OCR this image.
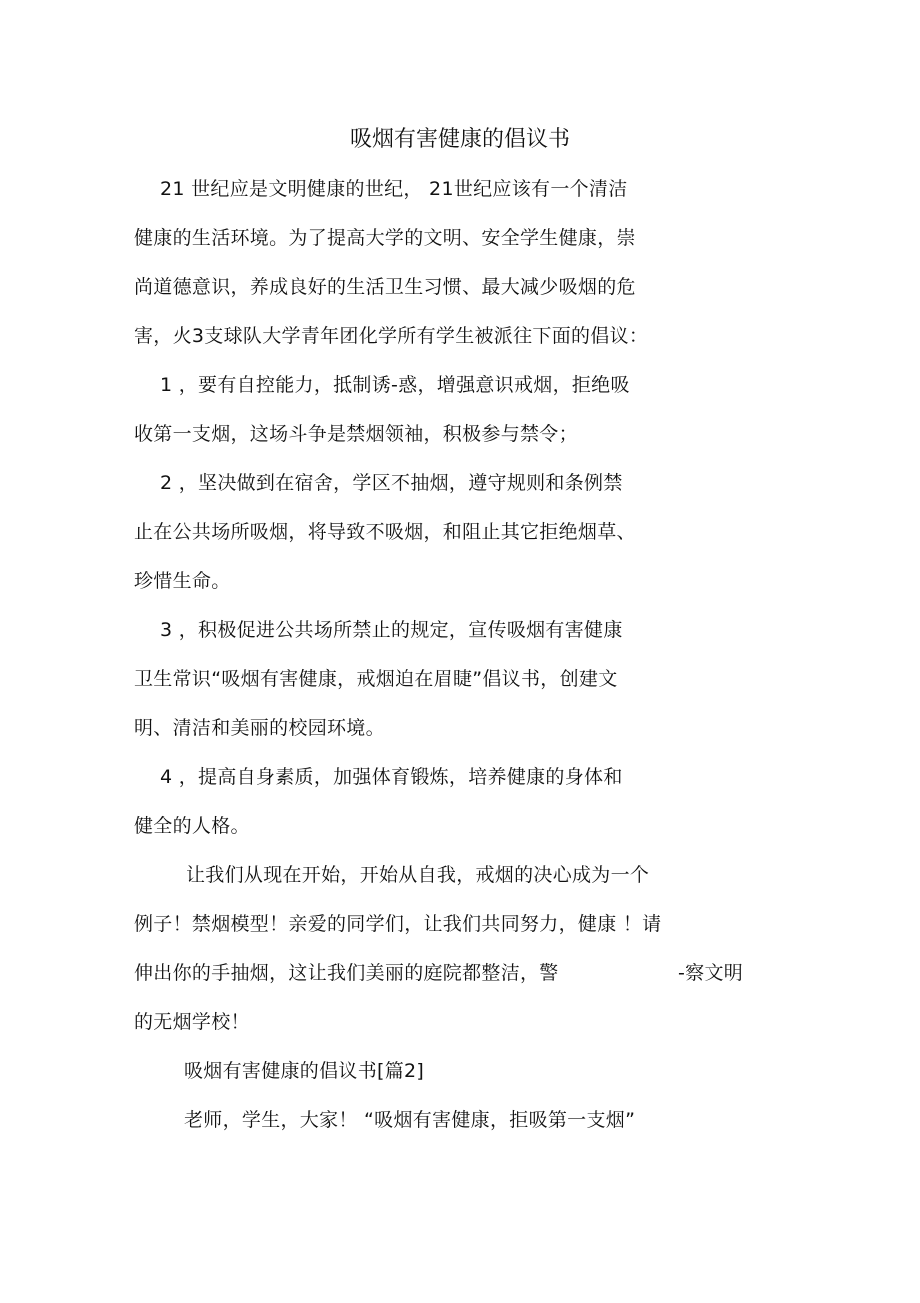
吸烟有害健康的倡议书
21 世纪应是文明健康的世纪， 21世纪应该有一个清洁
健康的生活环境。为了提高大学的文明、安全学生健康，崇
尚道德意识，养成良好的生活卫生习惯、最大减少吸烟的危
害，火3支球队大学青年团化学所有学生被派往下面的倡议：
1 ，要有自控能力，抵制诱-惑，增强意识戒烟，拒绝吸
收第一支烟，这场斗争是禁烟领袖，积极参与禁令；
2 ，坚决做到在宿舍，学区不抽烟，遵守规则和条例禁
止在公共场所吸烟，将导致不吸烟，和阻止其它拒绝烟草、
珍惜生命。
3 ，积极促进公共场所禁止的规定，宣传吸烟有害健康
卫生常识“吸烟有害健康，戒烟迫在眉睫”倡议书，创建文
明、清洁和美丽的校园环境。
4 ，提高自身素质，加强体育锻炼，培养健康的身体和
健全的人格。
让我们从现在开始，开始从自我，戒烟的决心成为一个
例子！禁烟模型！亲爱的同学们，让我们共同努力，健康 ！请
伸出你的手抽烟，这让我们美丽的庭院都整洁，警	-察文明
的无烟学校！
吸烟有害健康的倡议书[篇2]
老师，学生，大家！ “吸烟有害健康，拒吸第一支烟”
